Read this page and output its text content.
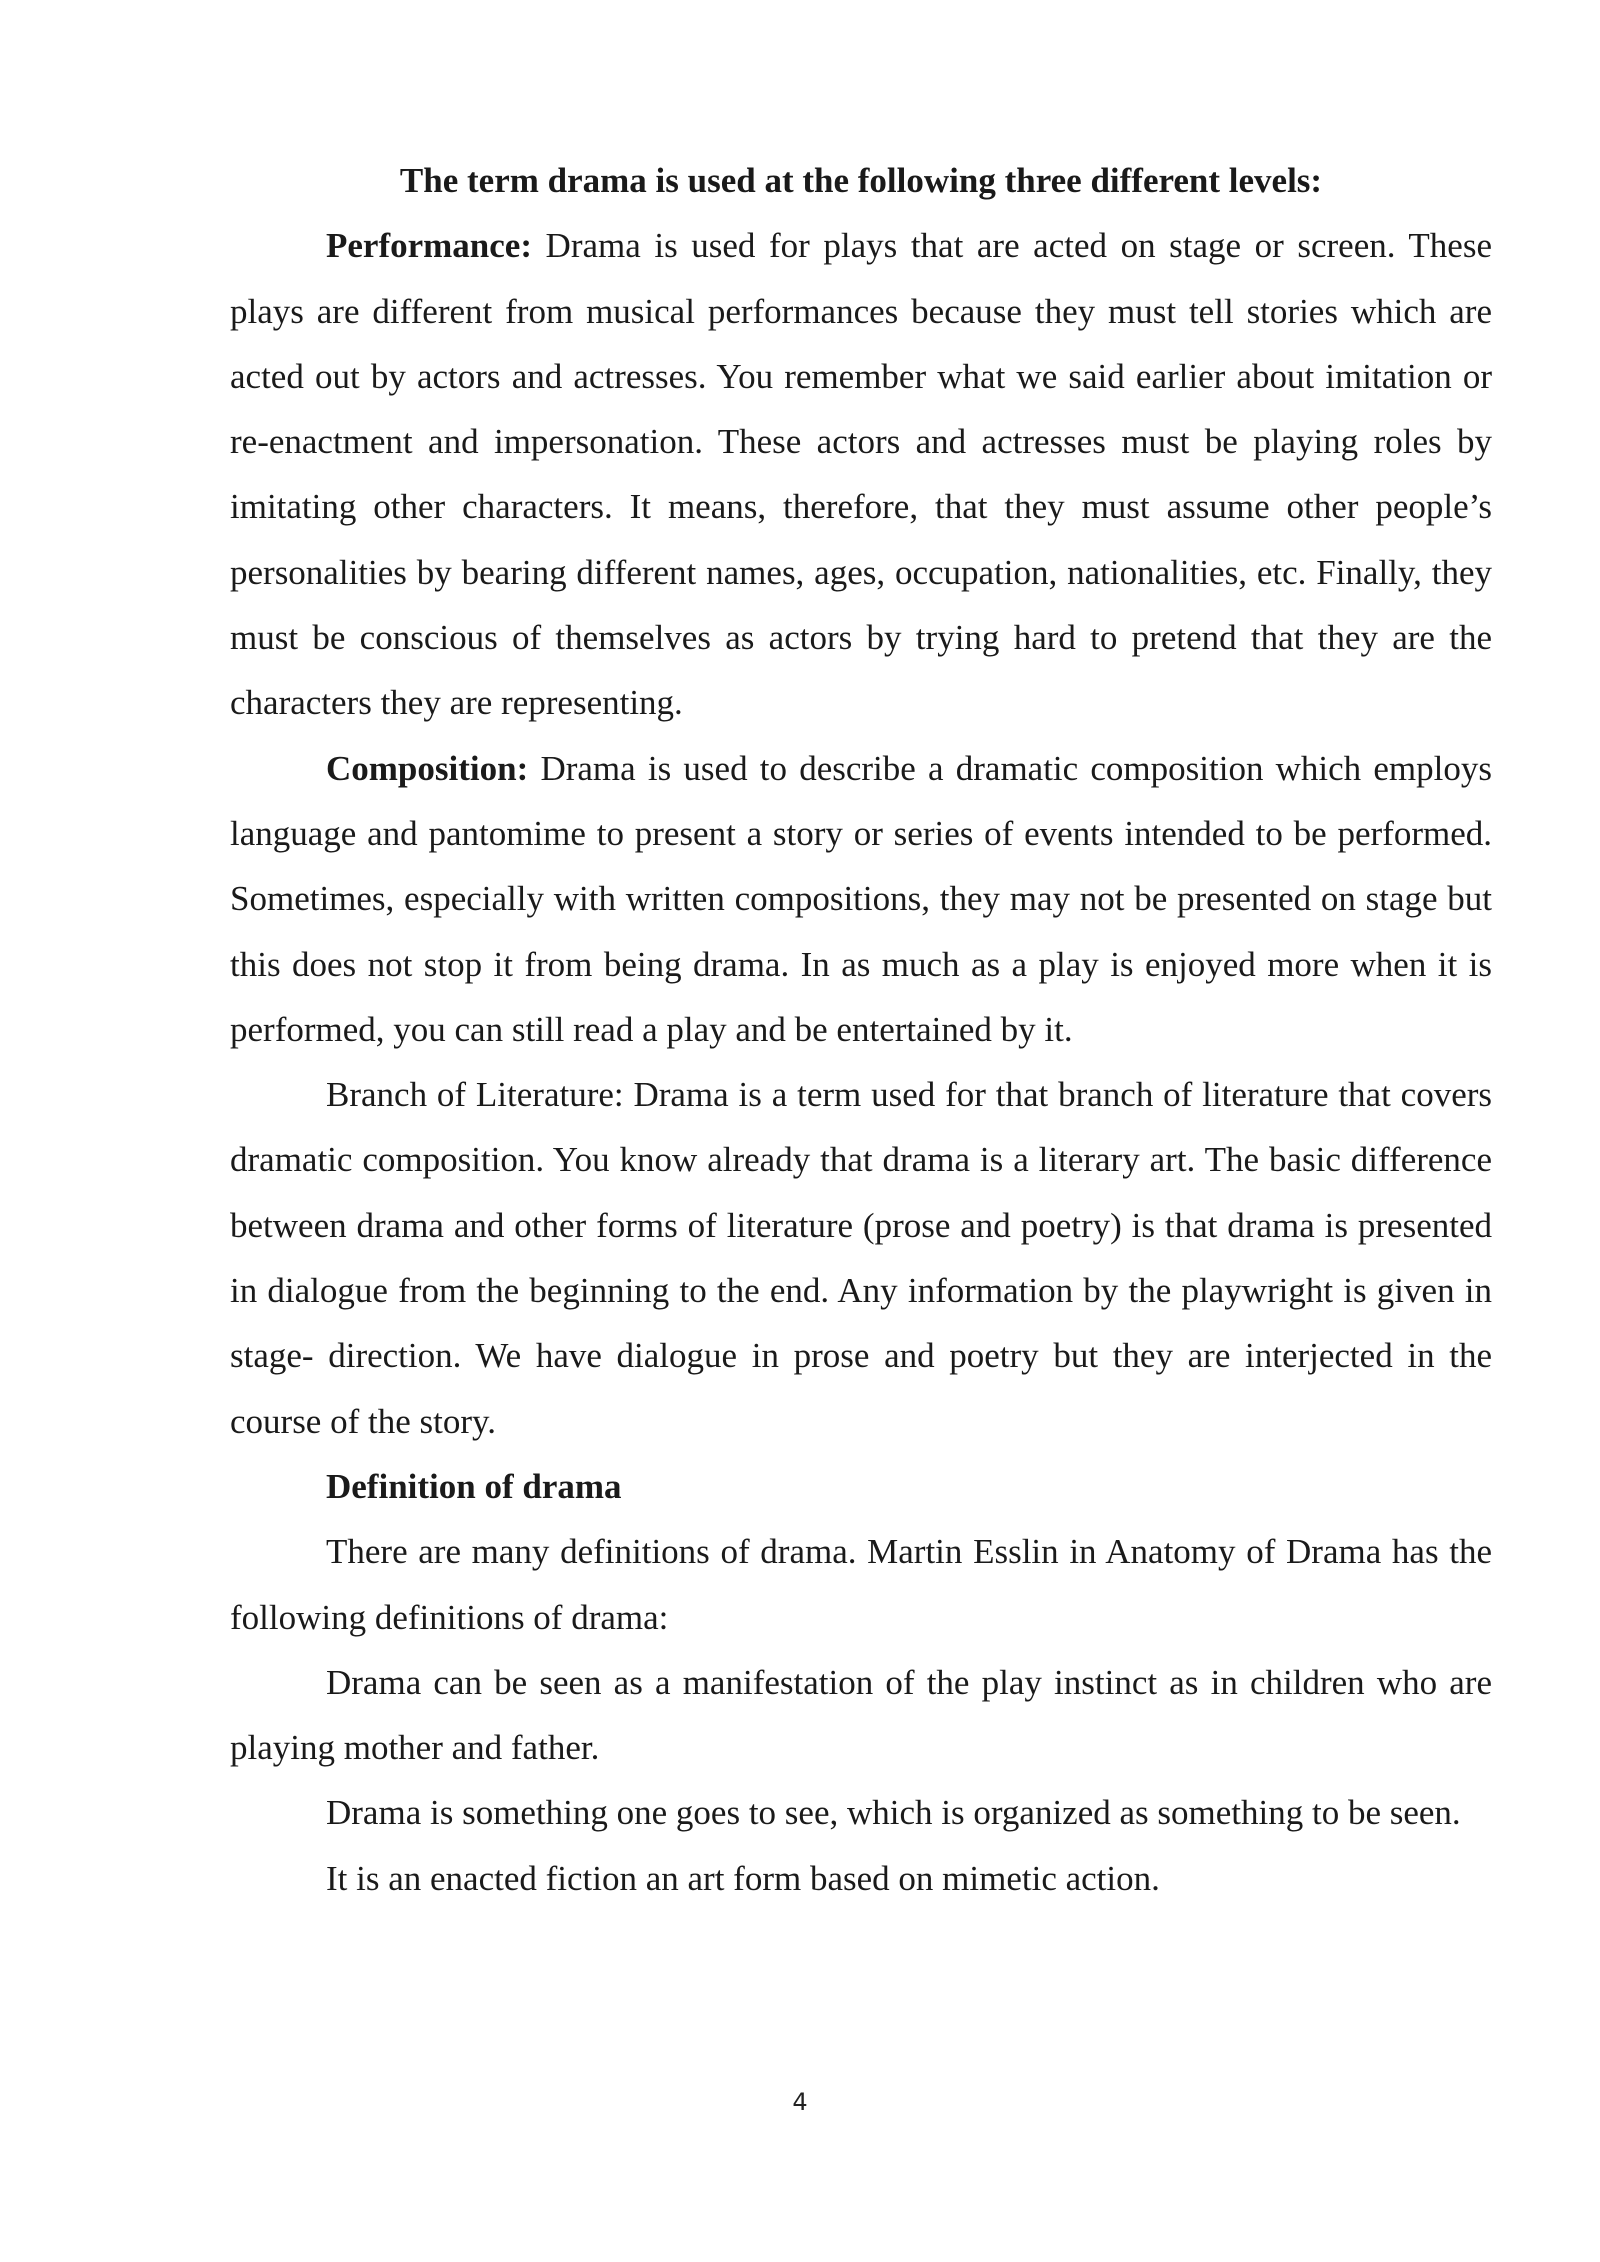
The term drama is used at the following three different levels:

Performance: Drama is used for plays that are acted on stage or screen. These plays are different from musical performances because they must tell stories which are acted out by actors and actresses. You remember what we said earlier about imitation or re-enactment and impersonation. These actors and actresses must be playing roles by imitating other characters. It means, therefore, that they must assume other people’s personalities by bearing different names, ages, occupation, nationalities, etc. Finally, they must be conscious of themselves as actors by trying hard to pretend that they are the characters they are representing.

Composition: Drama is used to describe a dramatic composition which employs language and pantomime to present a story or series of events intended to be performed. Sometimes, especially with written compositions, they may not be presented on stage but this does not stop it from being drama. In as much as a play is enjoyed more when it is performed, you can still read a play and be entertained by it.

Branch of Literature: Drama is a term used for that branch of literature that covers dramatic composition. You know already that drama is a literary art. The basic difference between drama and other forms of literature (prose and poetry) is that drama is presented in dialogue from the beginning to the end. Any information by the playwright is given in stage- direction. We have dialogue in prose and poetry but they are interjected in the course of the story.

Definition of drama

There are many definitions of drama. Martin Esslin in Anatomy of Drama has the following definitions of drama:

Drama can be seen as a manifestation of the play instinct as in children who are playing mother and father.

Drama is something one goes to see, which is organized as something to be seen.

It is an enacted fiction an art form based on mimetic action.

4
